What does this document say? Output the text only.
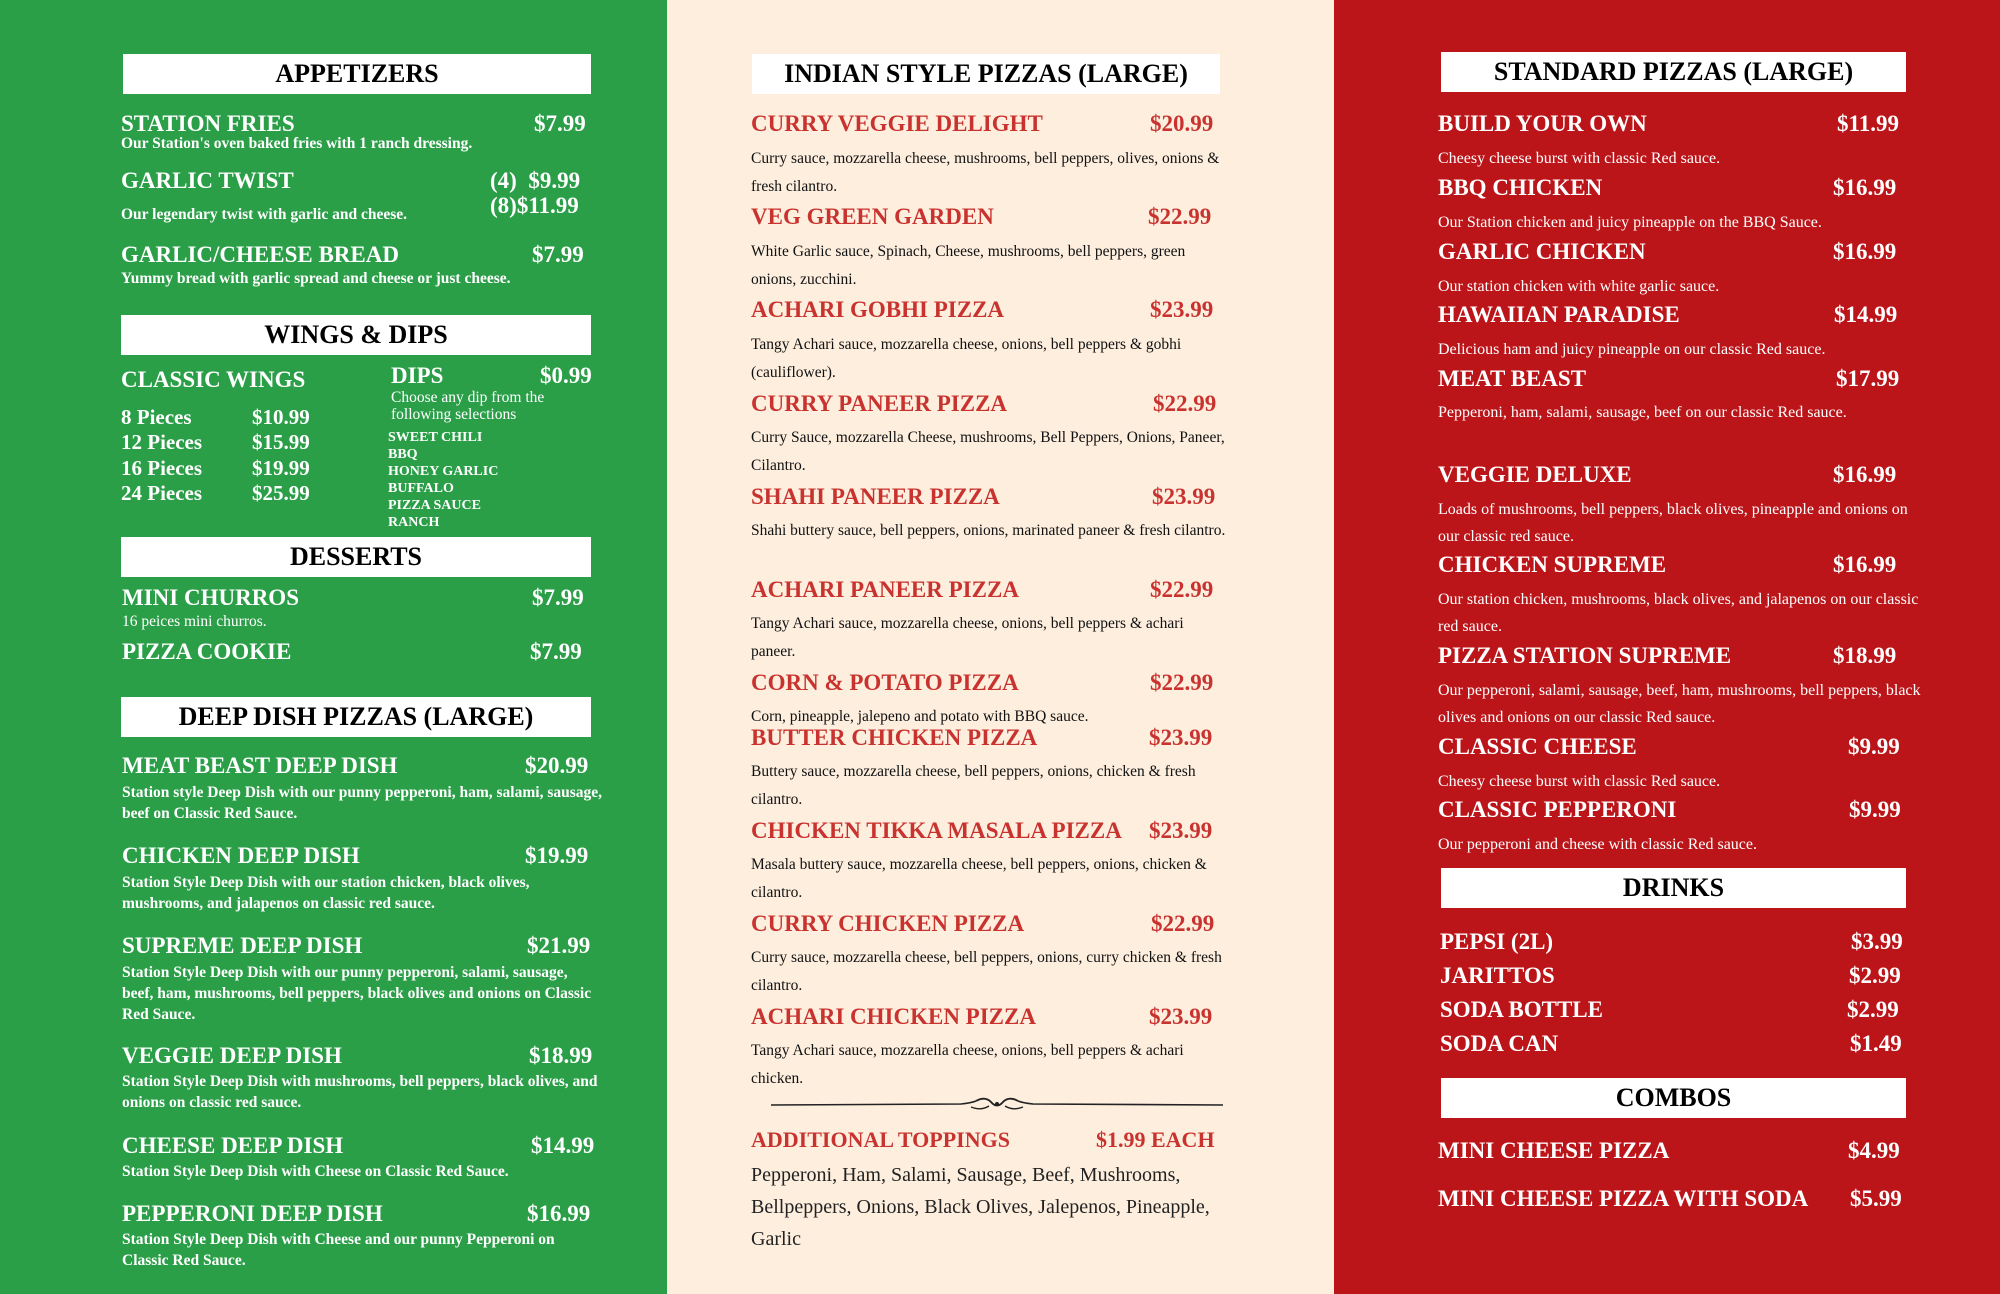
APPETIZERS
STATION FRIES	$7.99
Our Station's oven baked fries with 1 ranch dressing.
GARLIC TWIST	(4)  $9.99
(8)$11.99
Our legendary twist with garlic and cheese.
GARLIC/CHEESE BREAD	$7.99
Yummy bread with garlic spread and cheese or just cheese.
WINGS & DIPS
CLASSIC WINGS
8 Pieces	$10.99
12 Pieces $15.99
16 Pieces $19.99
24 Pieces $25.99
DIPS	$0.99
Choose any dip from the following selections
SWEET CHILI
BBQ
HONEY GARLIC
BUFFALO
PIZZA SAUCE
RANCH
DESSERTS
MINI CHURROS	$7.99
16 peices mini churros.
PIZZA COOKIE	$7.99
DEEP DISH PIZZAS (LARGE)
MEAT BEAST DEEP DISH	$20.99
Station style Deep Dish with our punny pepperoni, ham, salami, sausage, beef on Classic Red Sauce.
CHICKEN DEEP DISH	$19.99
Station Style Deep Dish with our station chicken, black olives, mushrooms, and jalapenos on classic red sauce.
SUPREME DEEP DISH	$21.99
Station Style Deep Dish with our punny pepperoni, salami, sausage, beef, ham, mushrooms, bell peppers, black olives and onions on Classic Red Sauce.
VEGGIE DEEP DISH	$18.99
Station Style Deep Dish with mushrooms, bell peppers, black olives, and onions on classic red sauce.
CHEESE DEEP DISH	$14.99
Station Style Deep Dish with Cheese on Classic Red Sauce.
PEPPERONI DEEP DISH	$16.99
Station Style Deep Dish with Cheese and our punny Pepperoni on Classic Red Sauce.
INDIAN STYLE PIZZAS (LARGE)
CURRY VEGGIE DELIGHT	$20.99
Curry sauce, mozzarella cheese, mushrooms, bell peppers, olives, onions & fresh cilantro.
VEG GREEN GARDEN	$22.99
White Garlic sauce, Spinach, Cheese, mushrooms, bell peppers, green onions, zucchini.
ACHARI GOBHI PIZZA	$23.99
Tangy Achari sauce, mozzarella cheese, onions, bell peppers & gobhi (cauliflower).
CURRY PANEER PIZZA	$22.99
Curry Sauce, mozzarella Cheese, mushrooms, Bell Peppers, Onions, Paneer, Cilantro.
SHAHI PANEER PIZZA	$23.99
Shahi buttery sauce, bell peppers, onions, marinated paneer & fresh cilantro.
ACHARI PANEER PIZZA	$22.99
Tangy Achari sauce, mozzarella cheese, onions, bell peppers & achari paneer.
CORN & POTATO PIZZA	$22.99
Corn, pineapple, jalepeno and potato with BBQ sauce.
BUTTER CHICKEN PIZZA	$23.99
Buttery sauce, mozzarella cheese, bell peppers, onions, chicken & fresh cilantro.
CHICKEN TIKKA MASALA PIZZA $23.99
Masala buttery sauce, mozzarella cheese, bell peppers, onions, chicken & cilantro.
CURRY CHICKEN PIZZA	$22.99
Curry sauce, mozzarella cheese, bell peppers, onions, curry chicken & fresh cilantro.
ACHARI CHICKEN PIZZA	$23.99
Tangy Achari sauce, mozzarella cheese, onions, bell peppers & achari chicken.
ADDITIONAL TOPPINGS	$1.99 EACH
Pepperoni, Ham, Salami, Sausage, Beef, Mushrooms, Bellpeppers, Onions, Black Olives, Jalepenos, Pineapple, Garlic
STANDARD PIZZAS (LARGE)
BUILD YOUR OWN	$11.99
Cheesy cheese burst with classic Red sauce.
BBQ CHICKEN	$16.99
Our Station chicken and juicy pineapple on the BBQ Sauce.
GARLIC CHICKEN	$16.99
Our station chicken with white garlic sauce.
HAWAIIAN PARADISE	$14.99
Delicious ham and juicy pineapple on our classic Red sauce.
MEAT BEAST	$17.99
Pepperoni, ham, salami, sausage, beef on our classic Red sauce.
VEGGIE DELUXE	$16.99
Loads of mushrooms, bell peppers, black olives, pineapple and onions on our classic red sauce.
CHICKEN SUPREME	$16.99
Our station chicken, mushrooms, black olives, and jalapenos on our classic red sauce.
PIZZA STATION SUPREME	$18.99
Our pepperoni, salami, sausage, beef, ham, mushrooms, bell peppers, black olives and onions on our classic Red sauce.
CLASSIC CHEESE	$9.99
Cheesy cheese burst with classic Red sauce.
CLASSIC PEPPERONI	$9.99
Our pepperoni and cheese with classic Red sauce.
DRINKS
PEPSI (2L)	$3.99
JARITTOS	$2.99
SODA BOTTLE	$2.99
SODA CAN	$1.49
COMBOS
MINI CHEESE PIZZA	$4.99
MINI CHEESE PIZZA WITH SODA $5.99
